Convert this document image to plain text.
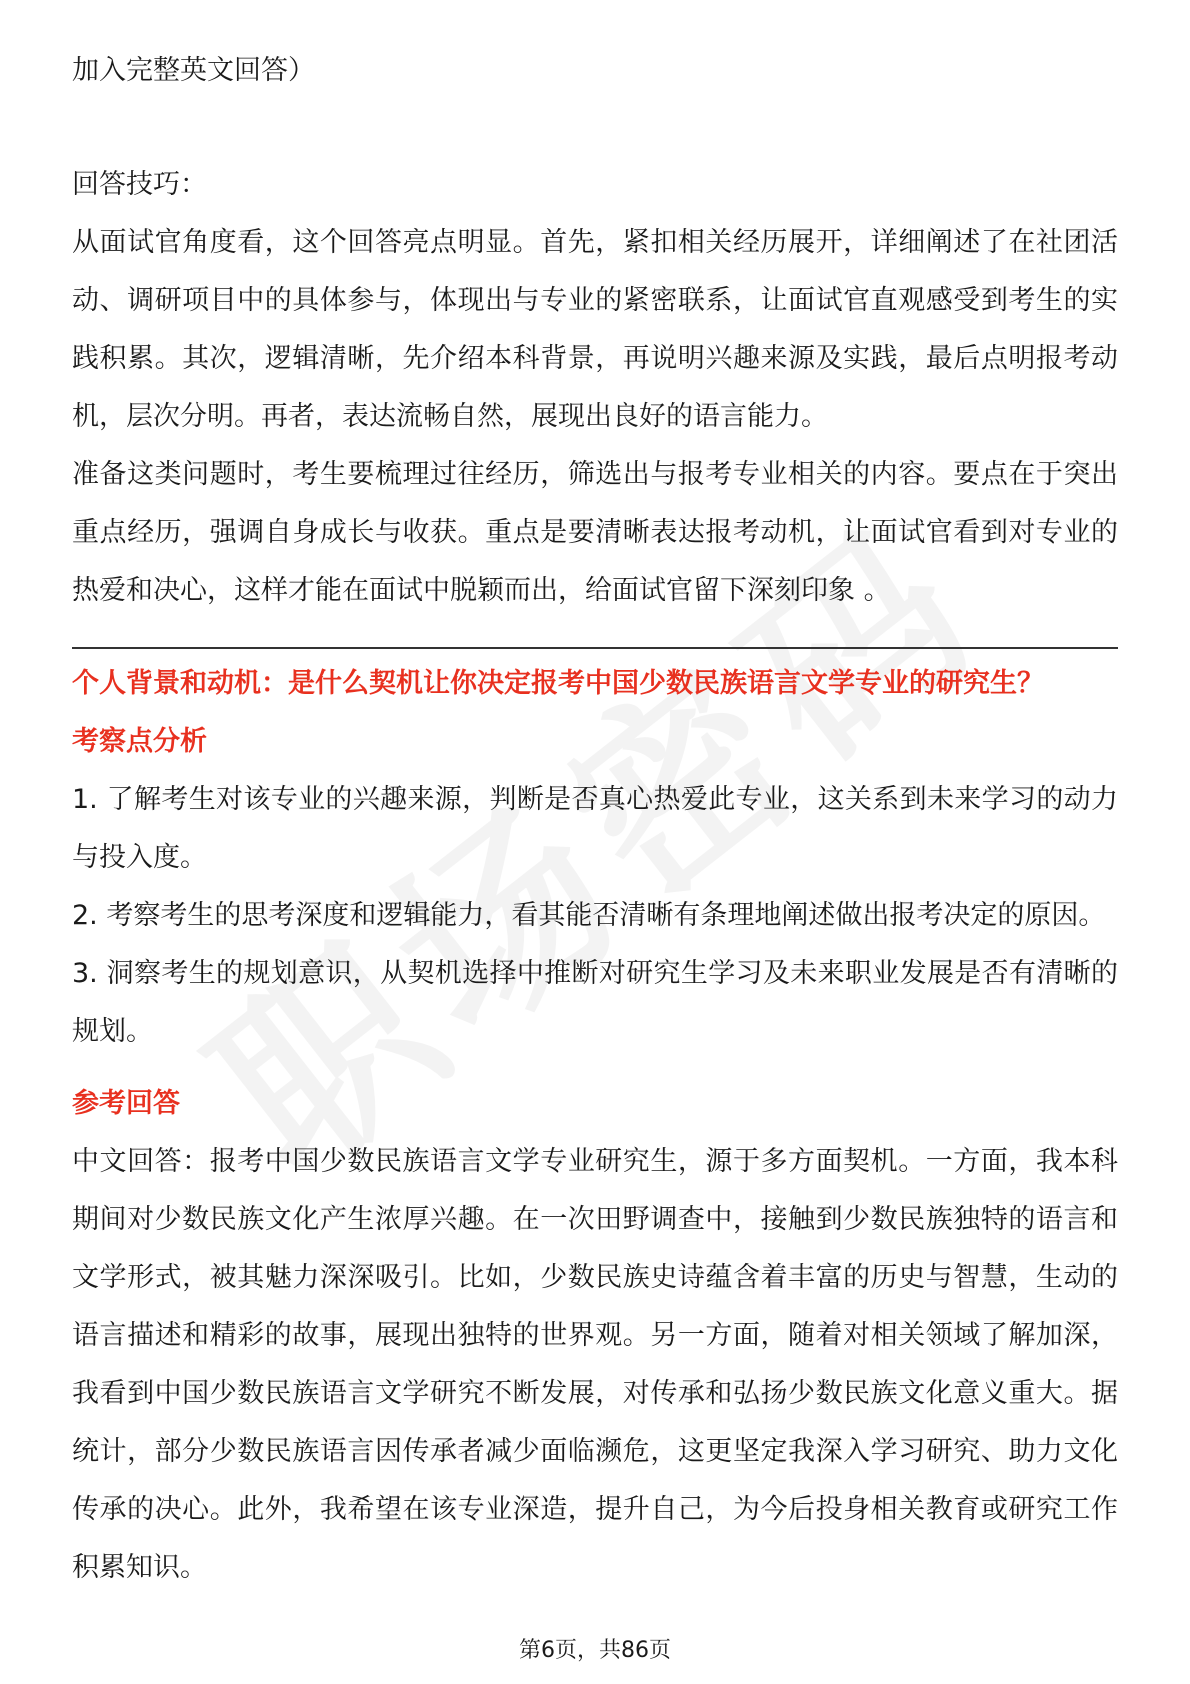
加入完整英文回答）

回答技巧：

从面试官角度看，这个回答亮点明显。首先，紧扣相关经历展开，详细阐述了在社团活动、调研项目中的具体参与，体现出与专业的紧密联系，让面试官直观感受到考生的实践积累。其次，逻辑清晰，先介绍本科背景，再说明兴趣来源及实践，最后点明报考动机，层次分明。再者，表达流畅自然，展现出良好的语言能力。

准备这类问题时，考生要梳理过往经历，筛选出与报考专业相关的内容。要点在于突出重点经历，强调自身成长与收获。重点是要清晰表达报考动机，让面试官看到对专业的热爱和决心，这样才能在面试中脱颖而出，给面试官留下深刻印象 。

个人背景和动机：是什么契机让你决定报考中国少数民族语言文学专业的研究生？

考察点分析

1. 了解考生对该专业的兴趣来源，判断是否真心热爱此专业，这关系到未来学习的动力与投入度。

2. 考察考生的思考深度和逻辑能力，看其能否清晰有条理地阐述做出报考决定的原因。

3. 洞察考生的规划意识，从契机选择中推断对研究生学习及未来职业发展是否有清晰的规划。

参考回答

中文回答：报考中国少数民族语言文学专业研究生，源于多方面契机。一方面，我本科期间对少数民族文化产生浓厚兴趣。在一次田野调查中，接触到少数民族独特的语言和文学形式，被其魅力深深吸引。比如，少数民族史诗蕴含着丰富的历史与智慧，生动的语言描述和精彩的故事，展现出独特的世界观。另一方面，随着对相关领域了解加深，我看到中国少数民族语言文学研究不断发展，对传承和弘扬少数民族文化意义重大。据统计，部分少数民族语言因传承者减少面临濒危，这更坚定我深入学习研究、助力文化传承的决心。此外，我希望在该专业深造，提升自己，为今后投身相关教育或研究工作积累知识。

第6页，共86页
